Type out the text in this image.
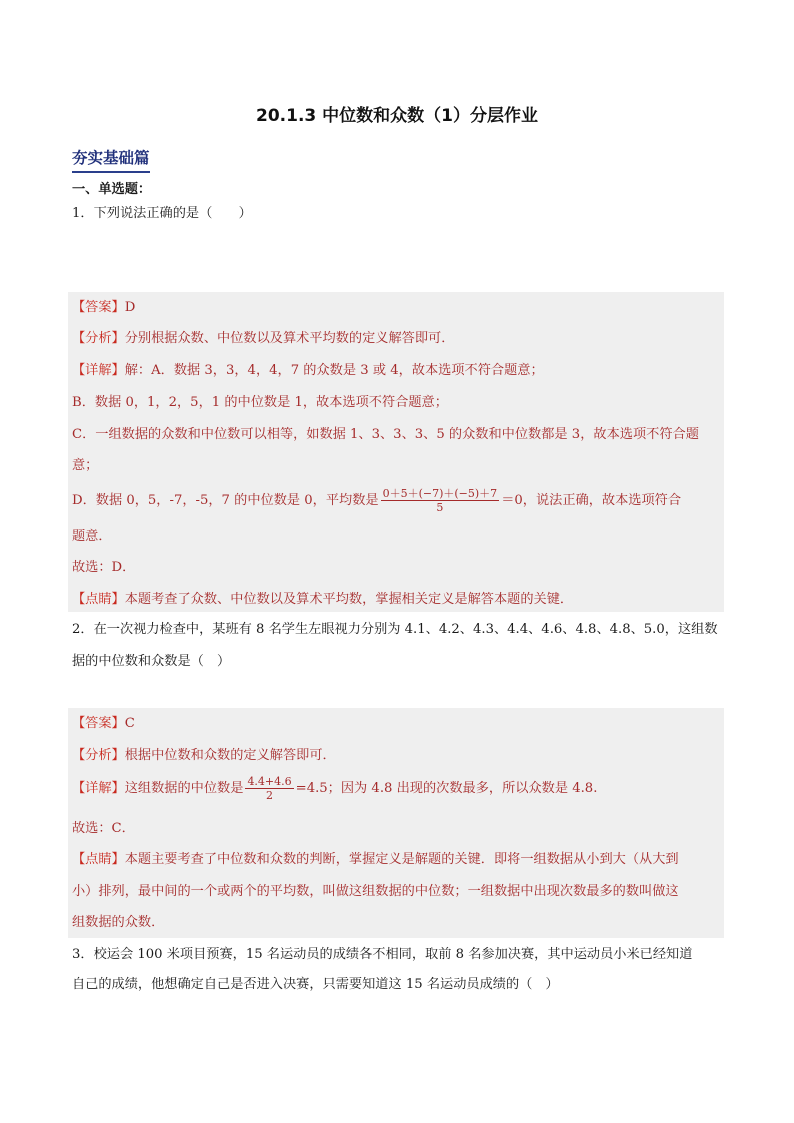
20.1.3 中位数和众数（1）分层作业
夯实基础篇
一、单选题：
1．下列说法正确的是（　　）
【答案】D
【分析】分别根据众数、中位数以及算术平均数的定义解答即可．
【详解】解：A．数据 3，3，4，4，7 的众数是 3 或 4，故本选项不符合题意；
B．数据 0，1，2，5，1 的中位数是 1，故本选项不符合题意；
C．一组数据的众数和中位数可以相等，如数据 1、3、3、3、5 的众数和中位数都是 3，故本选项不符合题
意；
D．数据 0，5，-7，-5，7 的中位数是 0，平均数是 $\frac{0+5+(-7)+(-5)+7}{5} =0$，说法正确，故本选项符合
题意．
故选：D．
【点睛】本题考查了众数、中位数以及算术平均数，掌握相关定义是解答本题的关键．
2．在一次视力检查中，某班有 8 名学生左眼视力分别为 4.1、4.2、4.3、4.4、4.6、4.8、4.8、5.0，这组数
据的中位数和众数是（　）
【答案】C
【分析】根据中位数和众数的定义解答即可．
【详解】这组数据的中位数是 $\frac{4.4+4.6}{2} =4.5$；因为 4.8 出现的次数最多，所以众数是 4.8.
故选：C．
【点睛】本题主要考查了中位数和众数的判断，掌握定义是解题的关键．即将一组数据从小到大（从大到
小）排列，最中间的一个或两个的平均数，叫做这组数据的中位数；一组数据中出现次数最多的数叫做这
组数据的众数．
3．校运会 100 米项目预赛，15 名运动员的成绩各不相同，取前 8 名参加决赛，其中运动员小米已经知道
自己的成绩，他想确定自己是否进入决赛，只需要知道这 15 名运动员成绩的（　）
